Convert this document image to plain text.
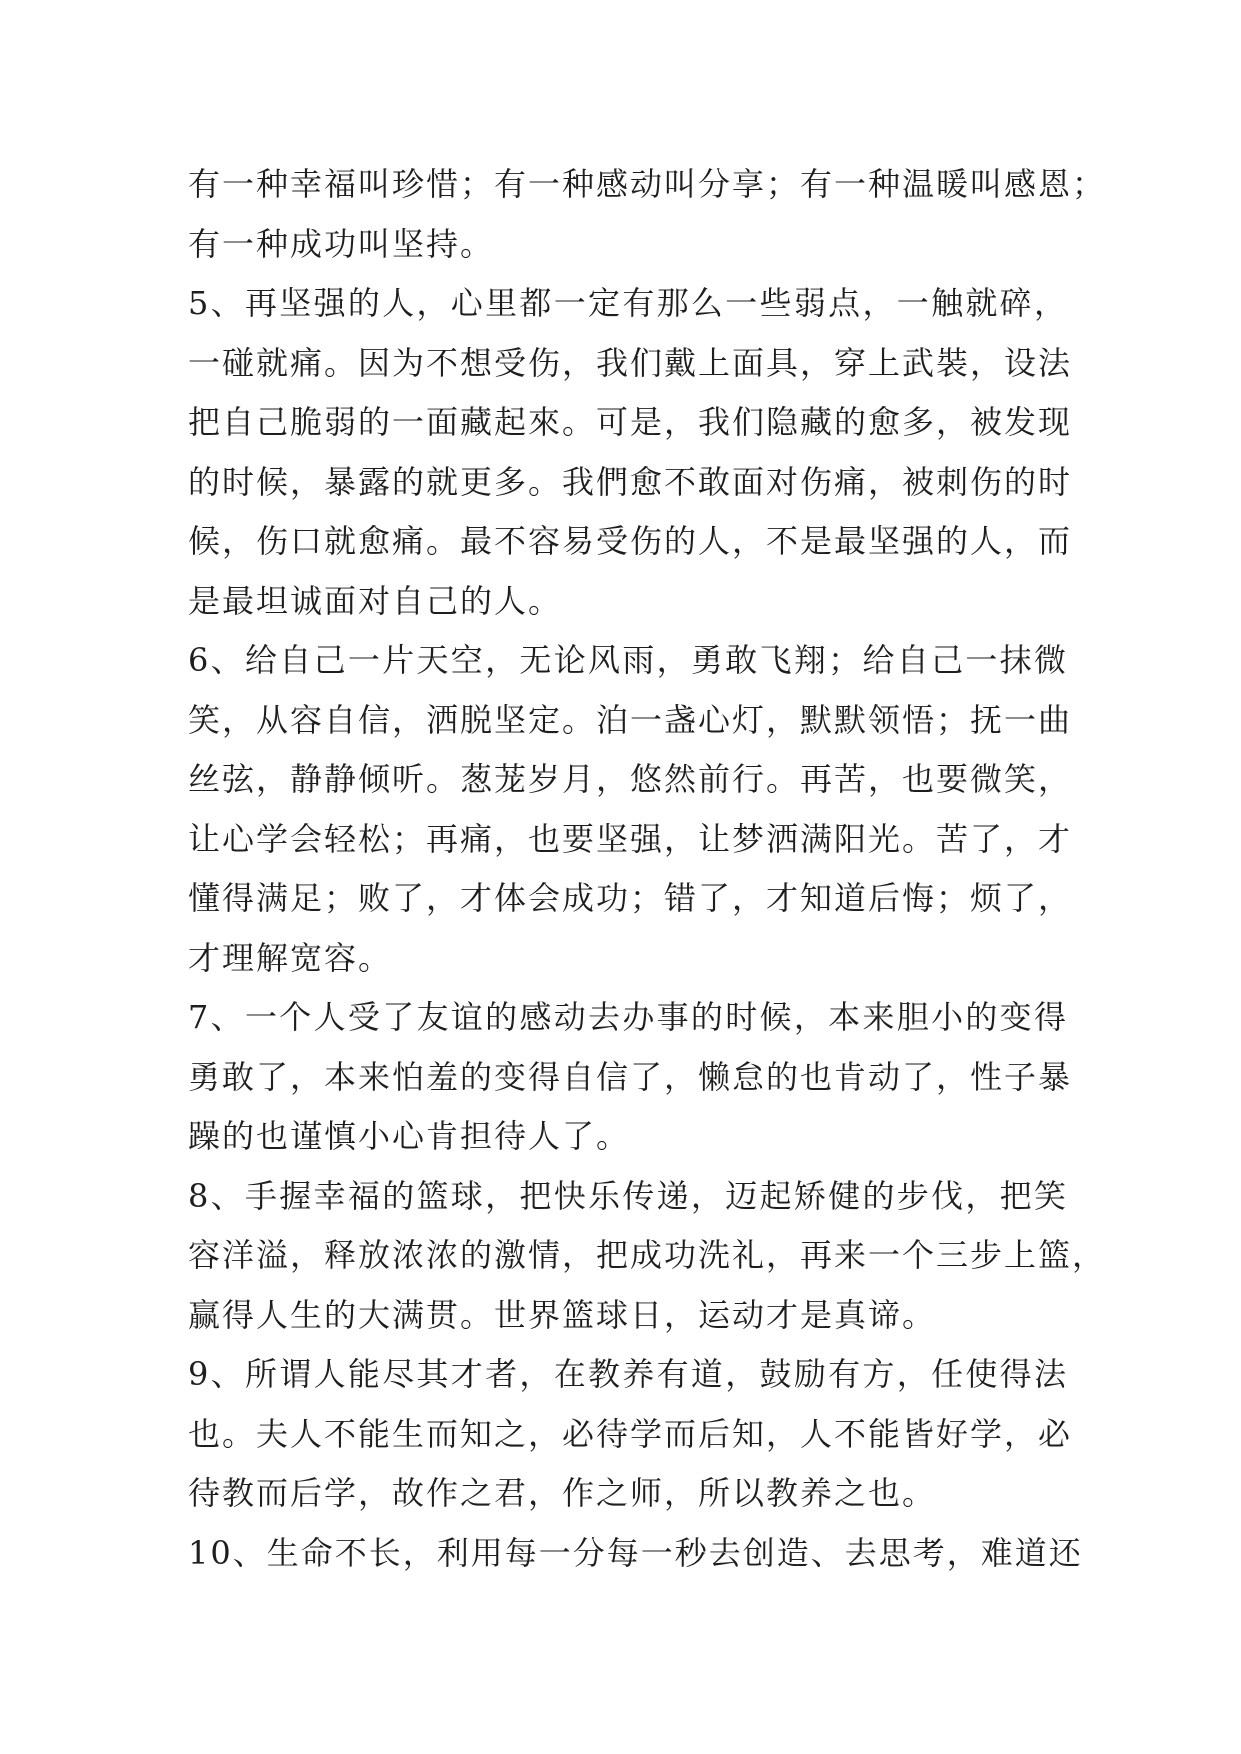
有一种幸福叫珍惜；有一种感动叫分享；有一种温暖叫感恩；
有一种成功叫坚持。
5、再坚强的人，心里都一定有那么一些弱点，一触就碎，
一碰就痛。因为不想受伤，我们戴上面具，穿上武裝，设法
把自己脆弱的一面藏起來。可是，我们隐藏的愈多，被发现
的时候，暴露的就更多。我們愈不敢面对伤痛，被刺伤的时
候，伤口就愈痛。最不容易受伤的人，不是最坚强的人，而
是最坦诚面对自己的人。
6、给自己一片天空，无论风雨，勇敢飞翔；给自己一抹微
笑，从容自信，洒脱坚定。泊一盏心灯，默默领悟；抚一曲
丝弦，静静倾听。葱茏岁月，悠然前行。再苦，也要微笑，
让心学会轻松；再痛，也要坚强，让梦洒满阳光。苦了，才
懂得满足；败了，才体会成功；错了，才知道后悔；烦了，
才理解宽容。
7、一个人受了友谊的感动去办事的时候，本来胆小的变得
勇敢了，本来怕羞的变得自信了，懒怠的也肯动了，性子暴
躁的也谨慎小心肯担待人了。
8、手握幸福的篮球，把快乐传递，迈起矫健的步伐，把笑
容洋溢，释放浓浓的激情，把成功洗礼，再来一个三步上篮，
赢得人生的大满贯。世界篮球日，运动才是真谛。
9、所谓人能尽其才者，在教养有道，鼓励有方，任使得法
也。夫人不能生而知之，必待学而后知，人不能皆好学，必
待教而后学，故作之君，作之师，所以教养之也。
10、生命不长，利用每一分每一秒去创造、去思考，难道还
